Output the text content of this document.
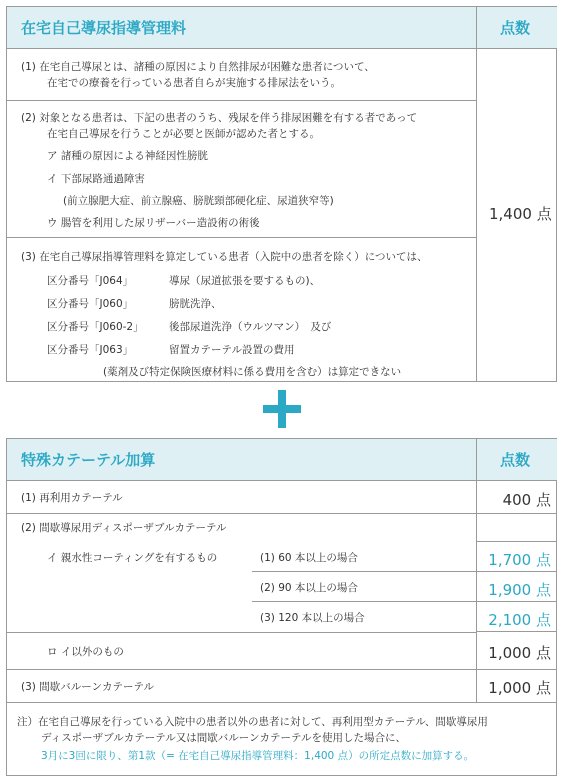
在宅自己導尿指導管理料	点数
(1) 在宅自己導尿とは、諸種の原因により自然排尿が困難な患者について、
在宅での療養を行っている患者自らが実施する排尿法をいう。
(2) 対象となる患者は、下記の患者のうち、残尿を伴う排尿困難を有する者であって
在宅自己導尿を行うことが必要と医師が認めた者とする。
ア 諸種の原因による神経因性膀胱
イ 下部尿路通過障害
(前立腺肥大症、前立腺癌、膀胱頸部硬化症、尿道狭窄等)
ウ 腸管を利用した尿リザーバー造設術の術後
(3) 在宅自己導尿指導管理料を算定している患者（入院中の患者を除く）については、
区分番号「J064」	導尿（尿道拡張を要するもの)、
区分番号「J060」	膀胱洗浄、
区分番号「J060-2」 後部尿道洗浄（ウルツマン）　及び
区分番号「J063」	留置カテーテル設置の費用
(薬剤及び特定保険医療材料に係る費用を含む）は算定できない
1,400 点
特殊カテーテル加算	点数
(1) 再利用カテーテル	400 点
(2) 間歇導尿用ディスポーザブルカテーテル
イ 親水性コーティングを有するもの	(1) 60 本以上の場合	1,700 点
(2) 90 本以上の場合	1,900 点
(3) 120 本以上の場合	2,100 点
ロ イ以外のもの	1,000 点
(3) 間歇バルーンカテーテル	1,000 点
注）在宅自己導尿を行っている入院中の患者以外の患者に対して、再利用型カテーテル、間歇導尿用
ディスポーザブルカテーテル又は間歇バルーンカテーテルを使用した場合に、
3月に3回に限り、第1款（= 在宅自己導尿指導管理料：1,400 点）の所定点数に加算する。
